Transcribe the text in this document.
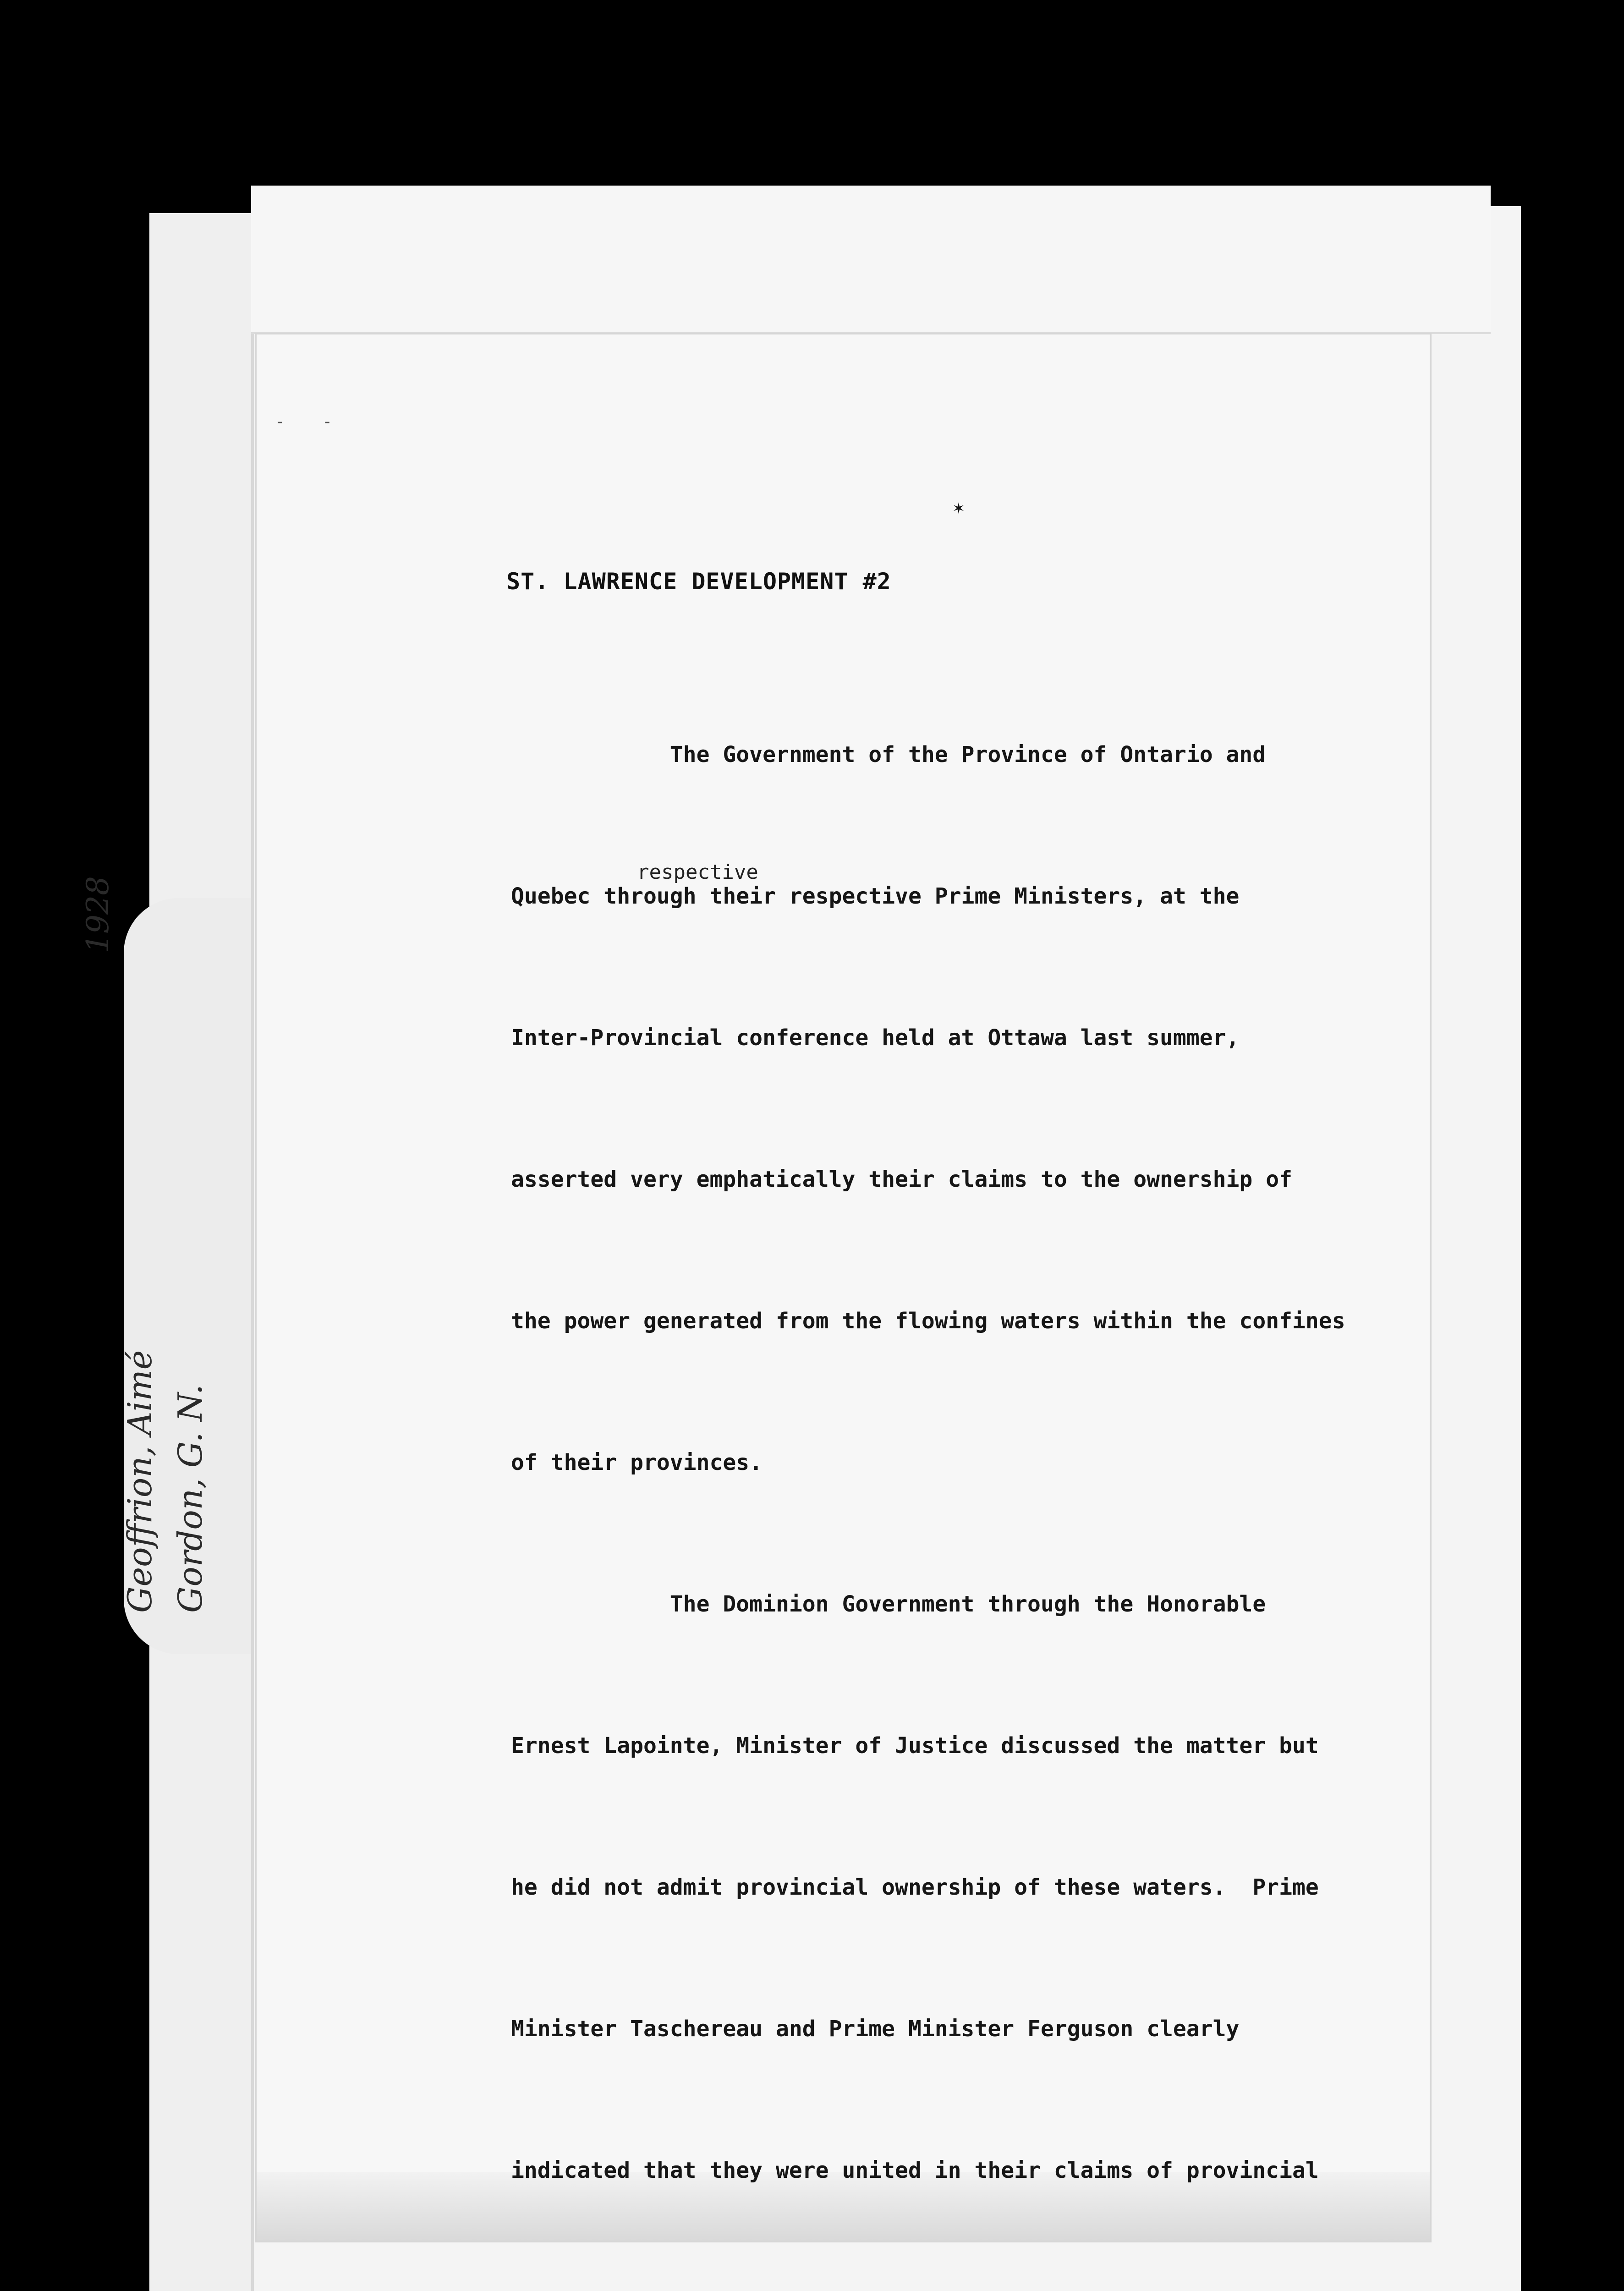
- -
✶
1928
Geoffrion, Aimé Gordon, G. N.
ST. LAWRENCE DEVELOPMENT #2
respective

The Government of the Province of Ontario and

Quebec through their respective Prime Ministers, at the

Inter-Provincial conference held at Ottawa last summer,

asserted very emphatically their claims to the ownership of

the power generated from the flowing waters within the confines

of their provinces.

The Dominion Government through the Honorable

Ernest Lapointe, Minister of Justice discussed the matter but

he did not admit provincial ownership of these waters.  Prime

Minister Taschereau and Prime Minister Ferguson clearly

indicated that they were united in their claims of provincial
